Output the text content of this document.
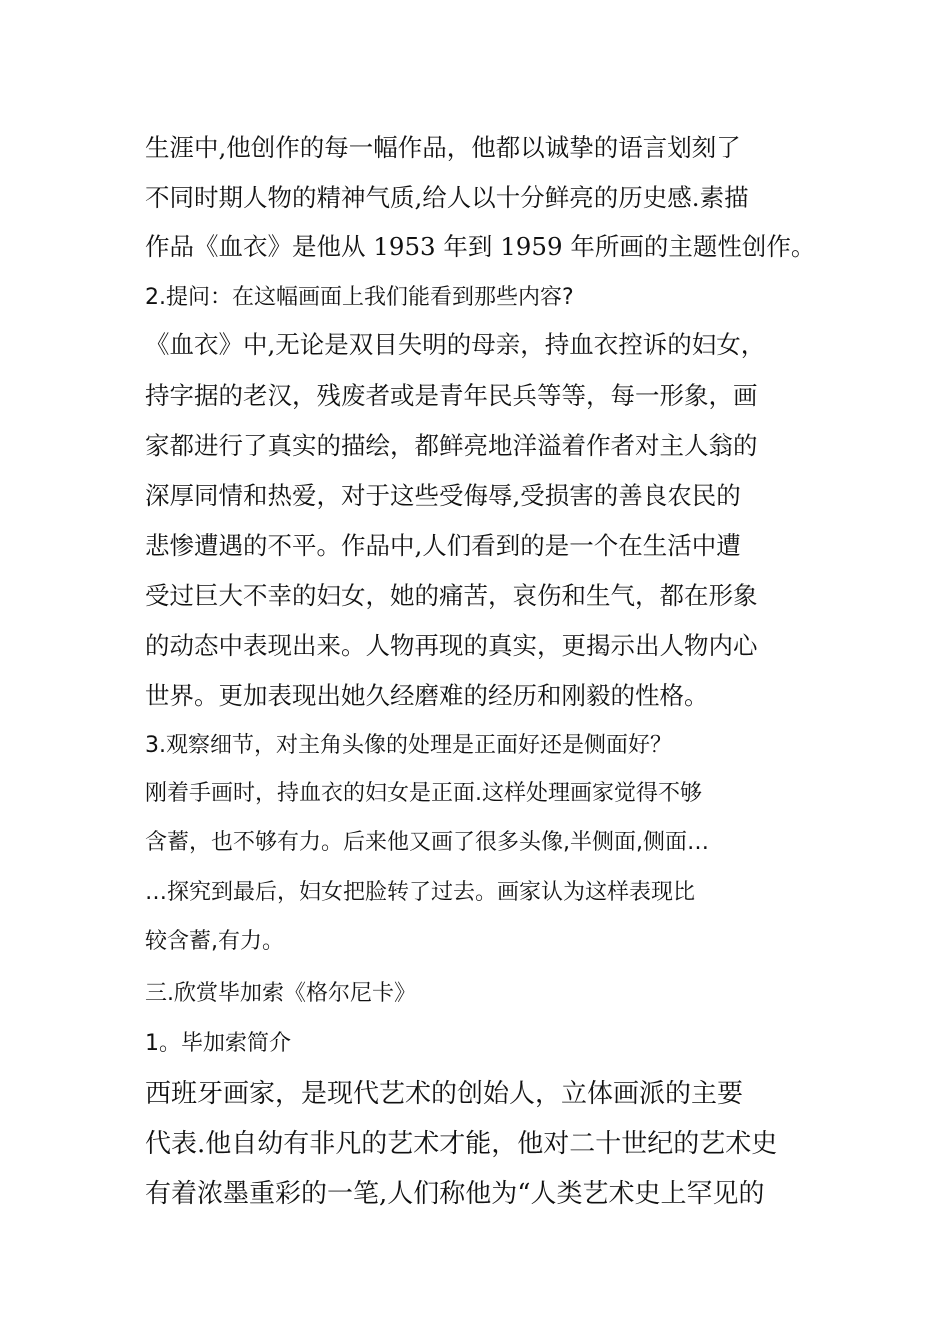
生涯中,他创作的每一幅作品，他都以诚挚的语言划刻了
不同时期人物的精神气质,给人以十分鲜亮的历史感.素描
作品《血衣》是他从 1953 年到 1959 年所画的主题性创作。
2.提问：在这幅画面上我们能看到那些内容?
《血衣》中,无论是双目失明的母亲，持血衣控诉的妇女，
持字据的老汉，残废者或是青年民兵等等，每一形象，画
家都进行了真实的描绘，都鲜亮地洋溢着作者对主人翁的
深厚同情和热爱，对于这些受侮辱,受损害的善良农民的
悲惨遭遇的不平。作品中,人们看到的是一个在生活中遭
受过巨大不幸的妇女，她的痛苦，哀伤和生气，都在形象
的动态中表现出来。人物再现的真实，更揭示出人物内心
世界。更加表现出她久经磨难的经历和刚毅的性格。
3.观察细节，对主角头像的处理是正面好还是侧面好？
刚着手画时，持血衣的妇女是正面.这样处理画家觉得不够
含蓄，也不够有力。后来他又画了很多头像,半侧面,侧面…
…探究到最后，妇女把脸转了过去。画家认为这样表现比
较含蓄,有力。
三.欣赏毕加索《格尔尼卡》
1。毕加索简介
西班牙画家，是现代艺术的创始人，立体画派的主要
代表.他自幼有非凡的艺术才能，他对二十世纪的艺术史
有着浓墨重彩的一笔,人们称他为“人类艺术史上罕见的
